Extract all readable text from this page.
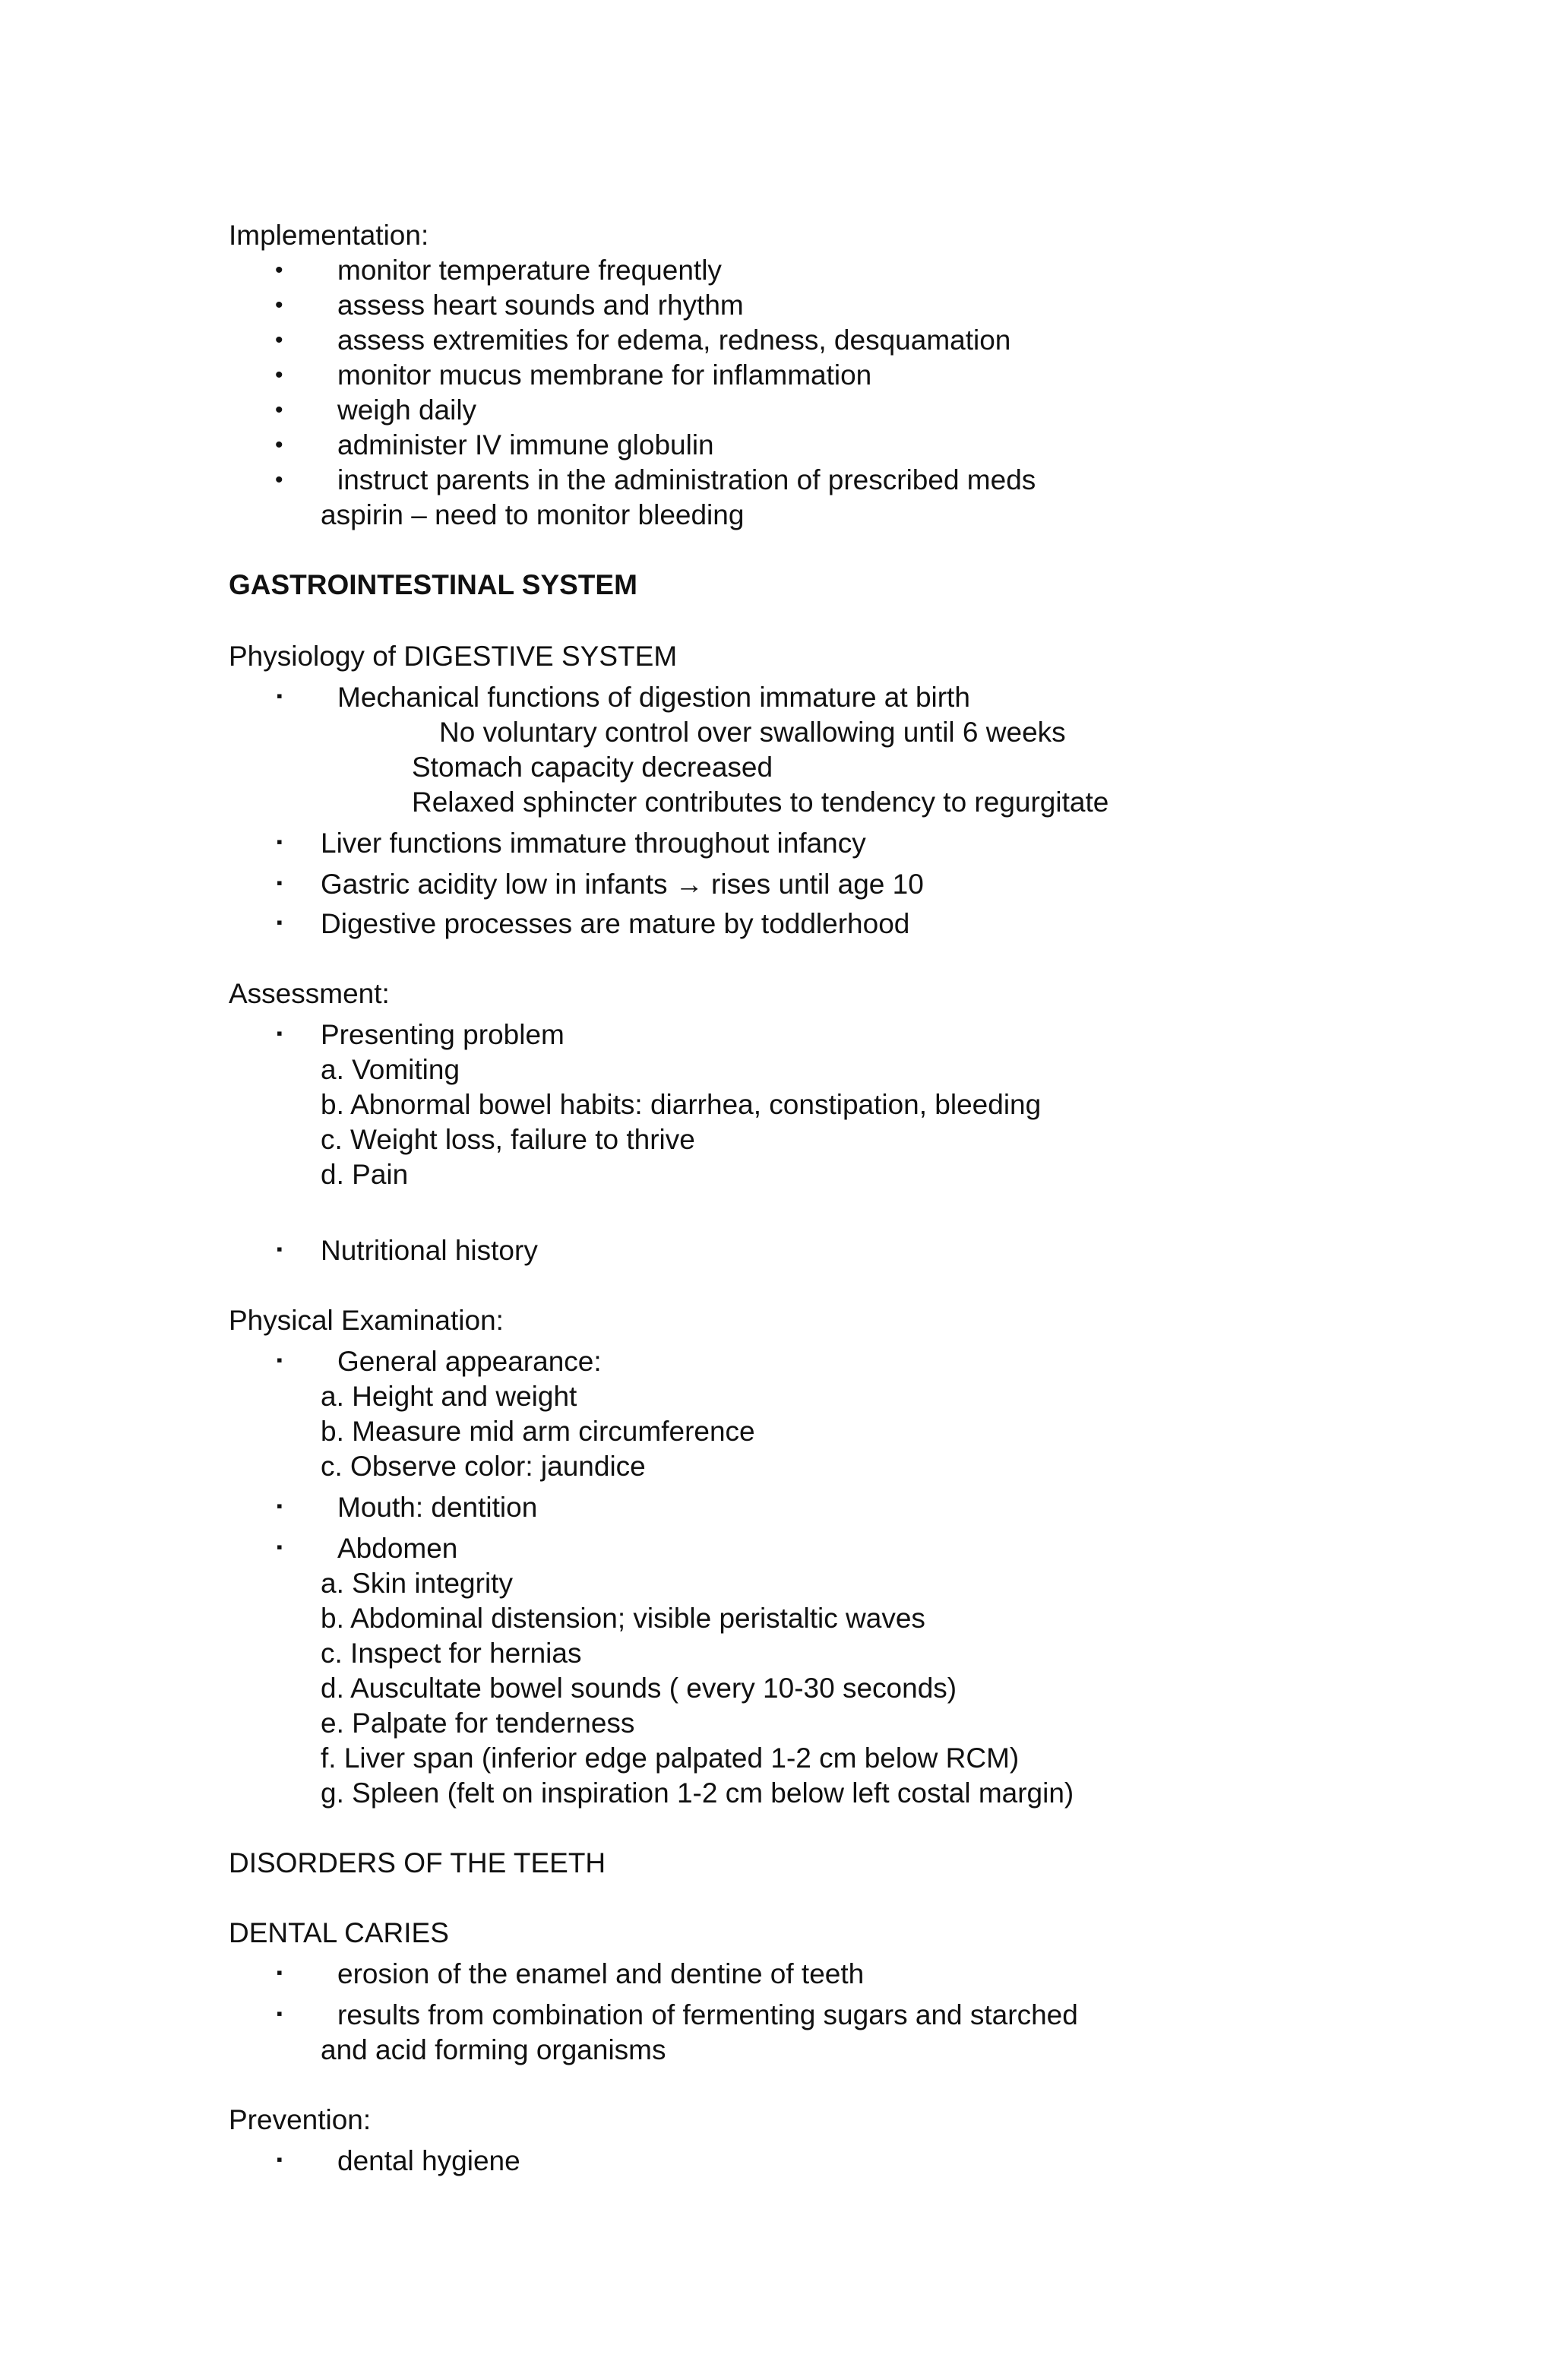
Implementation:
• monitor temperature frequently
• assess heart sounds and rhythm
• assess extremities for edema, redness, desquamation
• monitor mucus membrane for inflammation
• weigh daily
• administer IV immune globulin
• instruct parents in the administration of prescribed meds
aspirin – need to monitor bleeding
GASTROINTESTINAL SYSTEM
Physiology of DIGESTIVE SYSTEM
▪ Mechanical functions of digestion immature at birth
No voluntary control over swallowing until 6 weeks
Stomach capacity decreased
Relaxed sphincter contributes to tendency to regurgitate
▪ Liver functions immature throughout infancy
▪ Gastric acidity low in infants → rises until age 10
▪ Digestive processes are mature by toddlerhood
Assessment:
▪ Presenting problem
a. Vomiting
b. Abnormal bowel habits: diarrhea, constipation, bleeding
c. Weight loss, failure to thrive
d. Pain
▪ Nutritional history
Physical Examination:
▪ General appearance:
a. Height and weight
b. Measure mid arm circumference
c. Observe color: jaundice
▪ Mouth: dentition
▪ Abdomen
a. Skin integrity
b. Abdominal distension; visible peristaltic waves
c. Inspect for hernias
d. Auscultate bowel sounds ( every 10-30 seconds)
e. Palpate for tenderness
f. Liver span (inferior edge palpated 1-2 cm below RCM)
g. Spleen (felt on inspiration 1-2 cm below left costal margin)
DISORDERS OF THE TEETH
DENTAL CARIES
▪ erosion of the enamel and dentine of teeth
▪ results from combination of fermenting sugars and starched
and acid forming organisms
Prevention:
▪ dental hygiene
